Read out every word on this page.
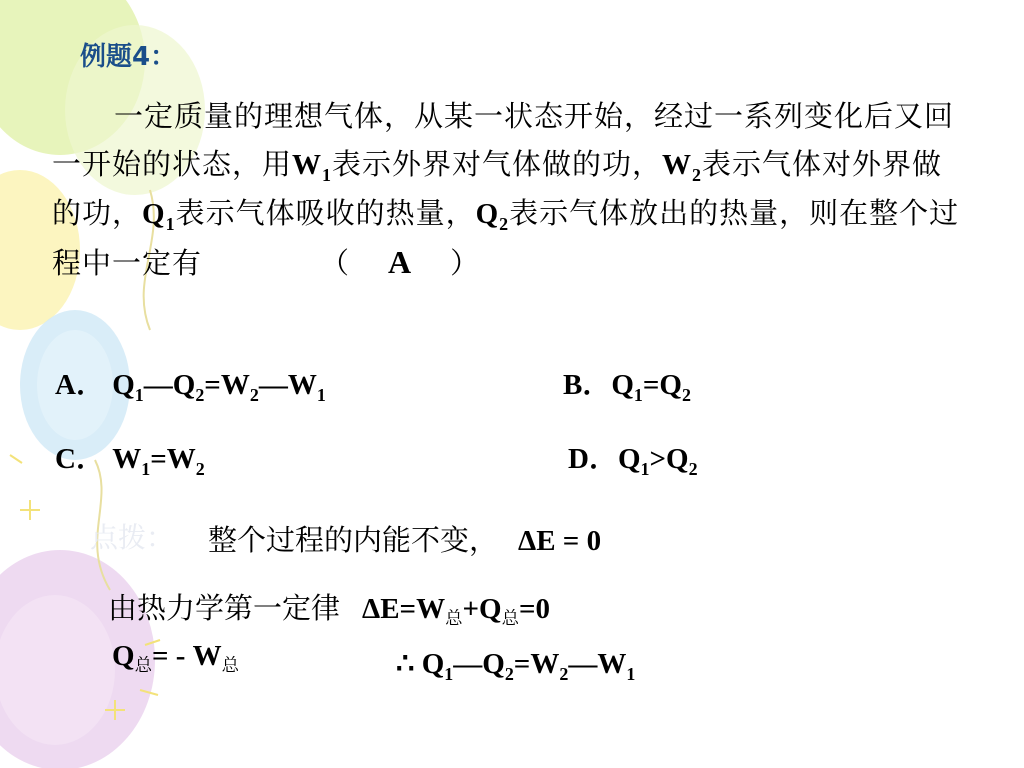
例题4：
一定质量的理想气体，从某一状态开始，经过一系列变化后又回一开始的状态，用$W_1$表示外界对气体做的功，$W_2$表示气体对外界做的功，$Q_1$表示气体吸收的热量，$Q_2$表示气体放出的热量，则在整个过程中一定有	（ A ）
A． $Q_1—Q_2=W_2—W_1$	B．$Q_1=Q_2$
C． $W_1=W_2$	D．$Q_1>Q_2$
点拨： 整个过程的内能不变， ΔE = 0
由热力学第一定律 $\Delta E=W_总+Q_总=0$
$Q_总= - W_总$	∴ $Q_1—Q_2=W_2—W_1$
